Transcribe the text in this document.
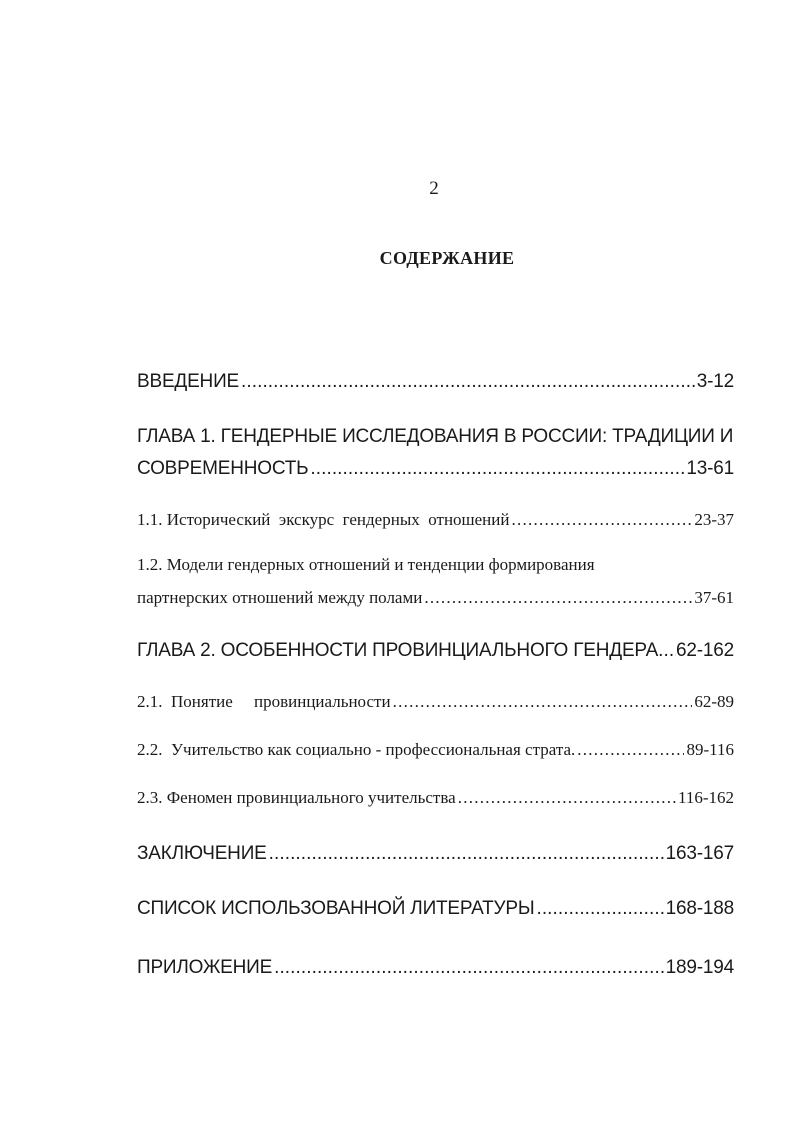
2
СОДЕРЖАНИЕ
ВВЕДЕНИЕ . . .	3-12
ГЛАВА 1. ГЕНДЕРНЫЕ ИССЛЕДОВАНИЯ В РОССИИ: ТРАДИЦИИ И
СОВРЕМЕННОСТЬ . . .	13-61
1.1. Исторический  экскурс  гендерных  отношений . . .	23-37
1.2. Модели гендерных отношений и тенденции формирования
партнерских отношений между полами . . .	37-61
ГЛАВА 2. ОСОБЕННОСТИ ПРОВИНЦИАЛЬНОГО ГЕНДЕРА . . . 62-162
2.1.  Понятие     провинциальности . . .	62-89
2.2.  Учительство как социально - профессиональная страта. . . .	89-116
2.3. Феномен провинциального учительства . . .	116-162
ЗАКЛЮЧЕНИЕ . . .	163-167
СПИСОК ИСПОЛЬЗОВАННОЙ ЛИТЕРАТУРЫ . . .	168-188
ПРИЛОЖЕНИЕ . . .	189-194
